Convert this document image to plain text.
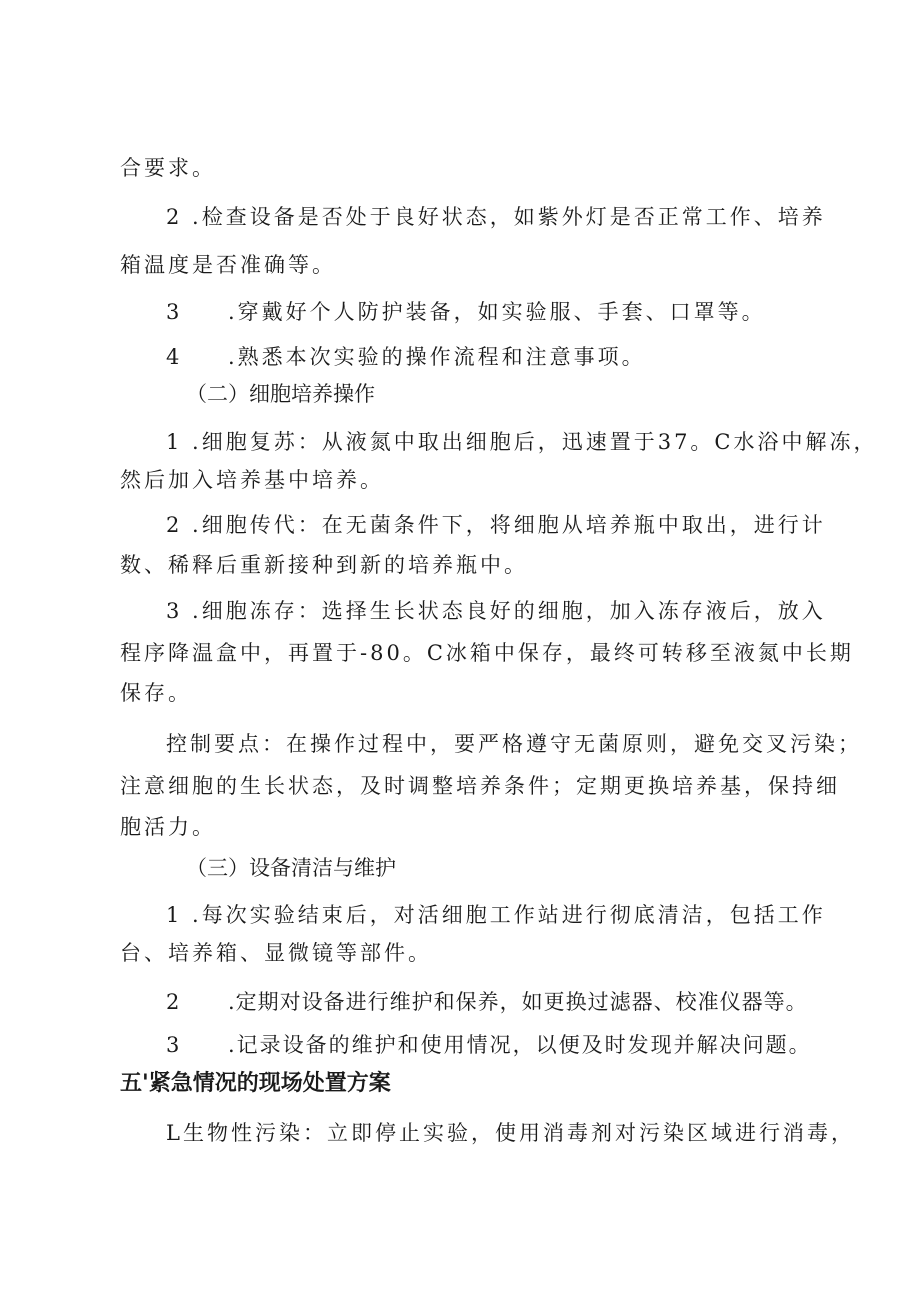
合要求。
2 .检查设备是否处于良好状态，如紫外灯是否正常工作、培养
箱温度是否准确等。
3 .穿戴好个人防护装备，如实验服、手套、口罩等。
4 .熟悉本次实验的操作流程和注意事项。
（二）细胞培养操作
1 .细胞复苏：从液氮中取出细胞后，迅速置于37。C水浴中解冻，
然后加入培养基中培养。
2 .细胞传代：在无菌条件下，将细胞从培养瓶中取出，进行计
数、稀释后重新接种到新的培养瓶中。
3 .细胞冻存：选择生长状态良好的细胞，加入冻存液后，放入
程序降温盒中，再置于-80。C冰箱中保存，最终可转移至液氮中长期
保存。
控制要点：在操作过程中，要严格遵守无菌原则，避免交叉污染；
注意细胞的生长状态，及时调整培养条件；定期更换培养基，保持细
胞活力。
（三）设备清洁与维护
1 .每次实验结束后，对活细胞工作站进行彻底清洁，包括工作
台、培养箱、显微镜等部件。
2 .定期对设备进行维护和保养，如更换过滤器、校准仪器等。
3 .记录设备的维护和使用情况，以便及时发现并解决问题。
五'紧急情况的现场处置方案
L生物性污染：立即停止实验，使用消毒剂对污染区域进行消毒，
